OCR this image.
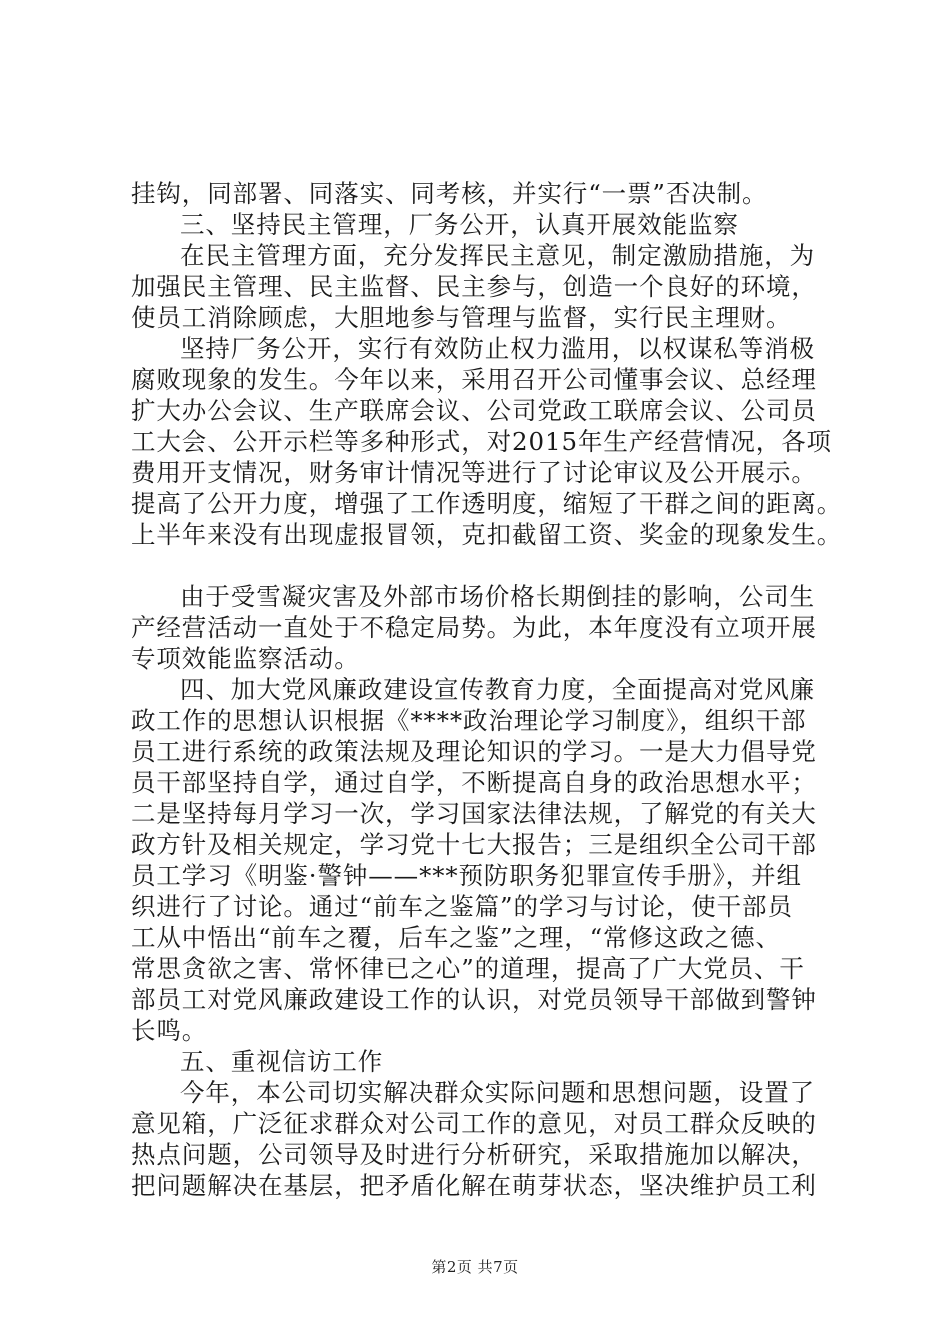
挂钩，同部署、同落实、同考核，并实行“一票”否决制。
三、坚持民主管理，厂务公开，认真开展效能监察
在民主管理方面，充分发挥民主意见，制定激励措施，为
加强民主管理、民主监督、民主参与，创造一个良好的环境，
使员工消除顾虑，大胆地参与管理与监督，实行民主理财。
坚持厂务公开，实行有效防止权力滥用，以权谋私等消极
腐败现象的发生。今年以来，采用召开公司懂事会议、总经理
扩大办公会议、生产联席会议、公司党政工联席会议、公司员
工大会、公开示栏等多种形式，对2015年生产经营情况，各项
费用开支情况，财务审计情况等进行了讨论审议及公开展示。
提高了公开力度，增强了工作透明度，缩短了干群之间的距离。
上半年来没有出现虚报冒领，克扣截留工资、奖金的现象发生。
由于受雪凝灾害及外部市场价格长期倒挂的影响，公司生
产经营活动一直处于不稳定局势。为此，本年度没有立项开展
专项效能监察活动。
四、加大党风廉政建设宣传教育力度，全面提高对党风廉
政工作的思想认识根据《****政治理论学习制度》，组织干部
员工进行系统的政策法规及理论知识的学习。一是大力倡导党
员干部坚持自学，通过自学，不断提高自身的政治思想水平；
二是坚持每月学习一次，学习国家法律法规，了解党的有关大
政方针及相关规定，学习党十七大报告；三是组织全公司干部
员工学习《明鉴·警钟——***预防职务犯罪宣传手册》，并组
织进行了讨论。通过“前车之鉴篇”的学习与讨论，使干部员
工从中悟出“前车之覆，后车之鉴”之理，“常修这政之德、
常思贪欲之害、常怀律已之心”的道理，提高了广大党员、干
部员工对党风廉政建设工作的认识，对党员领导干部做到警钟
长鸣。
五、重视信访工作
今年，本公司切实解决群众实际问题和思想问题，设置了
意见箱，广泛征求群众对公司工作的意见，对员工群众反映的
热点问题，公司领导及时进行分析研究，采取措施加以解决，
把问题解决在基层，把矛盾化解在萌芽状态，坚决维护员工利
第2页 共7页
